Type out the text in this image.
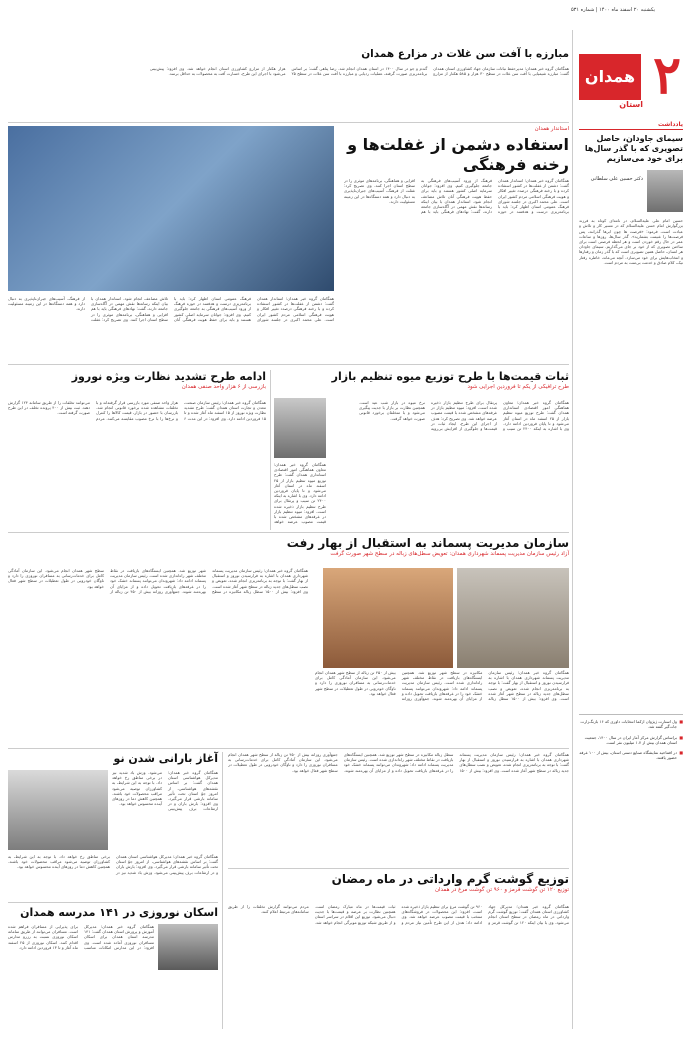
یکشنبه ۲۰ اسفند ماه ۱۴۰۰ | شماره ۵۳۱
۲
همدان
استان
یادداشت
سیمای جاودان، حاصل تصویری که با گذر سال‌ها برای خود می‌سازیم
دکتر حسین علی‌ سلطانی
حسین امام علی علیه‌السلام، در نامه‌ای کوتاه به فرزند بزرگوارش امام حسن علیه‌السلام که در مسیر کار و تلاش و عبادت است، فرمود: «فرصت ها چون ابرها گذرانند، پس فرصت‌ها را غنیمت بشمارید». گذر سال‌ها، روزها و ساعات عمر در حال رقم خوردن است و هر لحظه فرصتی است برای ساختن تصویری که از خود بر جای می‌گذاریم. سیمای جاودان هر انسان، حاصل همین تصویری است که با گذر زمان و رفتارها و انتخاب‌هایش برای خود می‌سازد. آنچه می‌ماند، خاطره رفتار نیک، کلام صادق و خدمت بی‌منت به مردم است.
■ ول استارت ژیژوان ازکما انتخابات داوری که ۱۶ بازنگ‌زارت جات‌گیر گفته شد.
■ براساس گزارش مرکز آمار ایران در سال ۱۴۰۰، جمعیت استان همدان بیش از ۱.۷ میلیون نفر است.
■ در افتتاحیه نمایشگاه صنایع دستی استان، بیش از ۱۰۰ غرفه حضور یافتند.
مبارزه با آفت سن غلات در مزارع همدان
همگامان گروه خبر همدان؛ مدیرحفظ نباتات سازمان جهاد کشاورزی استان همدان گفت: مبارزه شیمیایی با آفت سن غلات در سطح ۳۰ هزار و ۵۸۵ هکتار از مزارع گندم و جو در سال ۱۴۰۰ در استان همدان انجام شد. رضا پناهی گفت: بر اساس برنامه‌ریزی صورت گرفته، عملیات ردیابی و مبارزه با آفت سن غلات در سطح ۲۵ هزار هکتار از مزارع کشاورزی استان انجام خواهد شد. وی افزود: پیش‌بینی می‌شود با اجرای این طرح، خسارت آفت به محصولات به حداقل برسد.
استاندار همدان
استفاده دشمن از غفلت‌ها و رخنه فرهنگی
همگامان گروه خبر همدان؛ استاندار همدان گفت: دشمن از غفلت‌ها در کشور استفاده کرده و با رخنه فرهنگی درصدد تغییر افکار و هویت فرهنگی اسلامی مردم کشور ایران است. علی‌ محمد اکبری در جلسه شورای فرهنگ عمومی استان اظهار کرد: باید با برنامه‌ریزی درست و هدفمند در حوزه فرهنگ از ورود آسیب‌های فرهنگی به جامعه جلوگیری کنیم. وی افزود: جوانان سرمایه اصلی کشور هستند و باید برای حفظ هویت فرهنگی آنان تلاش مضاعف انجام شود. استاندار همدان با بیان اینکه رسانه‌ها نقش مهمی در آگاه‌سازی جامعه دارند، گفت: نهادهای فرهنگی باید با هم افزایی و هماهنگی، برنامه‌های موثری را در سطح استان اجرا کنند. وی تصریح کرد: غفلت از فرهنگ، آسیب‌های جبران‌ناپذیری به دنبال دارد و همه دستگاه‌ها در این زمینه مسئولیت دارند.
همگامان گروه خبر همدان؛ استاندار همدان گفت: دشمن از غفلت‌ها در کشور استفاده کرده و با رخنه فرهنگی درصدد تغییر افکار و هویت فرهنگی اسلامی مردم کشور ایران است. علی‌ محمد اکبری در جلسه شورای فرهنگ عمومی استان اظهار کرد: باید با برنامه‌ریزی درست و هدفمند در حوزه فرهنگ از ورود آسیب‌های فرهنگی به جامعه جلوگیری کنیم. وی افزود: جوانان سرمایه اصلی کشور هستند و باید برای حفظ هویت فرهنگی آنان تلاش مضاعف انجام شود. استاندار همدان با بیان اینکه رسانه‌ها نقش مهمی در آگاه‌سازی جامعه دارند، گفت: نهادهای فرهنگی باید با هم افزایی و هماهنگی، برنامه‌های موثری را در سطح استان اجرا کنند. وی تصریح کرد: غفلت از فرهنگ، آسیب‌های جبران‌ناپذیری به دنبال دارد و همه دستگاه‌ها در این زمینه مسئولیت دارند.
ثبات قیمت‌ها با طرح توزیع میوه تنظیم بازار
طرح ترافیکی از یکم تا فروردین اجرایی شود
همگامان گروه خبر همدان؛ معاون هماهنگی امور اقتصادی استانداری همدان گفت: طرح توزیع میوه تنظیم بازار از ۲۵ اسفند ماه در استان آغاز می‌شود و تا پایان فروردین ادامه دارد. وی با اشاره به اینکه ۲۴۰۰ تن سیب و پرتقال برای طرح تنظیم بازار ذخیره شده است، افزود: میوه تنظیم بازار در غرفه‌های مشخص شده با قیمت مصوب عرضه خواهد شد. وی تصریح کرد: هدف از اجرای این طرح، ایجاد ثبات در قیمت‌ها و جلوگیری از افزایش بی‌رویه نرخ میوه در بازار شب عید است. همچنین نظارت بر بازار با جدیت پیگیری می‌شود و با متخلفان برخورد قانونی صورت خواهد گرفت.
همگامان گروه خبر همدان؛ معاون هماهنگی امور اقتصادی استانداری همدان گفت: طرح توزیع میوه تنظیم بازار از ۲۵ اسفند ماه در استان آغاز می‌شود و تا پایان فروردین ادامه دارد. وی با اشاره به اینکه ۲۴۰۰ تن سیب و پرتقال برای طرح تنظیم بازار ذخیره شده است، افزود: میوه تنظیم بازار در غرفه‌های مشخص شده با قیمت مصوب عرضه خواهد
ادامه طرح تشدید نظارت ویژه نوروز
بازرسی از ۶ هزار واحد صنفی همدان
همگامان گروه خبر همدان؛ رئیس سازمان صنعت، معدن و تجارت استان همدان گفت: طرح تشدید نظارت ویژه نوروز از ۱۵ اسفند ماه آغاز شده و تا ۱۵ فروردین ادامه دارد. وی افزود: در این مدت ۶ هزار واحد صنفی مورد بازرسی قرار گرفته‌اند و با تخلفات مشاهده شده برخورد قانونی انجام شد. بازرسان با حضور در بازار، قیمت کالاها را کنترل و نرخ‌ها را با نرخ مصوب مقایسه می‌کنند. مردم می‌توانند تخلفات را از طریق سامانه ۱۲۴ گزارش دهند. ثبت بیش از ۴۰۰ پرونده تخلف در این طرح صورت گرفته است.
سازمان مدیریت پسماند به استقبال از بهار رفت
آزاد رئیس سازمان مدیریت پسماند شهرداری همدان: تعویض سطل‌های زباله در سطح شهر صورت گرفت
همگامان گروه خبر همدان؛ رئیس سازمان مدیریت پسماند شهرداری همدان با اشاره به فرارسیدن نوروز و استقبال از بهار گفت: با توجه به برنامه‌ریزی انجام شده، تعویض و نصب سطل‌های جدید زباله در سطح شهر آغاز شده است. وی افزود: بیش از ۱۵۰۰ سطل زباله مکانیزه در سطح شهر توزیع شد. همچنین ایستگاه‌های بازیافت در نقاط مختلف شهر راه‌اندازی شده است. رئیس سازمان مدیریت پسماند ادامه داد: شهروندان می‌توانند پسماند خشک خود را در غرفه‌های بازیافت تحویل داده و از مزایای آن بهره‌مند شوند. جمع‌آوری روزانه بیش از ۴۵۰ تن زباله از سطح شهر همدان انجام می‌شود. این سازمان آمادگی کامل برای خدمات‌رسانی به مسافران نوروزی را دارد و ناوگان خودرویی در طول تعطیلات در سطح شهر فعال خواهد بود.
همگامان گروه خبر همدان؛ رئیس سازمان مدیریت پسماند شهرداری همدان با اشاره به فرارسیدن نوروز و استقبال از بهار گفت: با توجه به برنامه‌ریزی انجام شده، تعویض و نصب سطل‌های جدید زباله در سطح شهر آغاز شده است. وی افزود: بیش از ۱۵۰۰ سطل زباله مکانیزه در سطح شهر توزیع شد. همچنین ایستگاه‌های بازیافت در نقاط مختلف شهر راه‌اندازی شده است. رئیس سازمان مدیریت پسماند ادامه داد: شهروندان می‌توانند پسماند خشک خود را در غرفه‌های بازیافت تحویل داده و از مزایای آن بهره‌مند شوند. جمع‌آوری روزانه بیش از ۴۵۰ تن زباله از سطح شهر همدان انجام می‌شود. این سازمان آمادگی کامل برای خدمات‌رسانی به مسافران نوروزی را دارد و ناوگان خودرویی در طول تعطیلات در سطح شهر فعال خواهد بود.
آغاز بارانی شدن نو
همگامان گروه خبر همدان؛ مدیرکل هواشناسی استان همدان گفت: بر اساس نقشه‌های هواشناسی، از امروز جوّ استان تحت تأثیر سامانه بارشی قرار می‌گیرد. وی افزود: بارش باران و در ارتفاعات برف پیش‌بینی می‌شود. وزش باد شدید نیز در برخی مناطق رخ خواهد داد. با توجه به این شرایط، به کشاورزان توصیه می‌شود مراقب محصولات خود باشند. همچنین کاهش دما در روزهای آینده محسوس خواهد بود.
همگامان گروه خبر همدان؛ مدیرکل هواشناسی استان همدان گفت: بر اساس نقشه‌های هواشناسی، از امروز جوّ استان تحت تأثیر سامانه بارشی قرار می‌گیرد. وی افزود: بارش باران و در ارتفاعات برف پیش‌بینی می‌شود. وزش باد شدید نیز در برخی مناطق رخ خواهد داد. با توجه به این شرایط، به کشاورزان توصیه می‌شود مراقب محصولات خود باشند. همچنین کاهش دما در روزهای آینده محسوس خواهد بود.
اسکان نوروزی در ۱۴۱ مدرسه همدان
همگامان گروه خبر همدان؛ مدیرکل آموزش و پرورش استان همدان گفت: ۱۴۱ مدرسه استان همدان برای اسکان مسافران نوروزی آماده شده است. وی افزود: در این مدارس امکانات مناسب برای پذیرایی از مسافران فراهم شده است. مسافران می‌توانند از طریق سامانه اسکان نوروزی نسبت به رزرو مدارس اقدام کنند. اسکان نوروزی از ۲۵ اسفند ماه آغاز و تا ۱۳ فروردین ادامه دارد.
همگامان گروه خبر همدان؛ رئیس سازمان مدیریت پسماند شهرداری همدان با اشاره به فرارسیدن نوروز و استقبال از بهار گفت: با توجه به برنامه‌ریزی انجام شده، تعویض و نصب سطل‌های جدید زباله در سطح شهر آغاز شده است. وی افزود: بیش از ۱۵۰۰ سطل زباله مکانیزه در سطح شهر توزیع شد. همچنین ایستگاه‌های بازیافت در نقاط مختلف شهر راه‌اندازی شده است. رئیس سازمان مدیریت پسماند ادامه داد: شهروندان می‌توانند پسماند خشک خود را در غرفه‌های بازیافت تحویل داده و از مزایای آن بهره‌مند شوند. جمع‌آوری روزانه بیش از ۴۵۰ تن زباله از سطح شهر همدان انجام می‌شود. این سازمان آمادگی کامل برای خدمات‌رسانی به مسافران نوروزی را دارد و ناوگان خودرویی در طول تعطیلات در سطح شهر فعال خواهد بود.
توزیع گوشت گرم وارداتی در ماه رمضان
توزیع ۱۲۰ تن گوشت قرمز و ۹۶۰ تن گوشت مرغ در همدان
همگامان گروه خبر همدان؛ مدیرکل جهاد کشاورزی استان همدان گفت: توزیع گوشت گرم وارداتی در ماه رمضان در سطح استان انجام می‌شود. وی با بیان اینکه ۱۲۰ تن گوشت قرمز و ۹۶۰ تن گوشت مرغ برای تنظیم بازار ذخیره شده است، افزود: این محصولات در فروشگاه‌های منتخب با قیمت مصوب عرضه خواهد شد. وی ادامه داد: هدف از این طرح تأمین نیاز مردم و ثبات قیمت‌ها در ماه مبارک رمضان است. همچنین نظارت بر عرضه و قیمت‌ها با جدیت دنبال می‌شود. توزیع این اقلام در سراسر استان و از طریق شبکه توزیع مویرگی انجام خواهد شد. مردم می‌توانند گزارش تخلفات را از طریق سامانه‌های مرتبط اعلام کنند.
